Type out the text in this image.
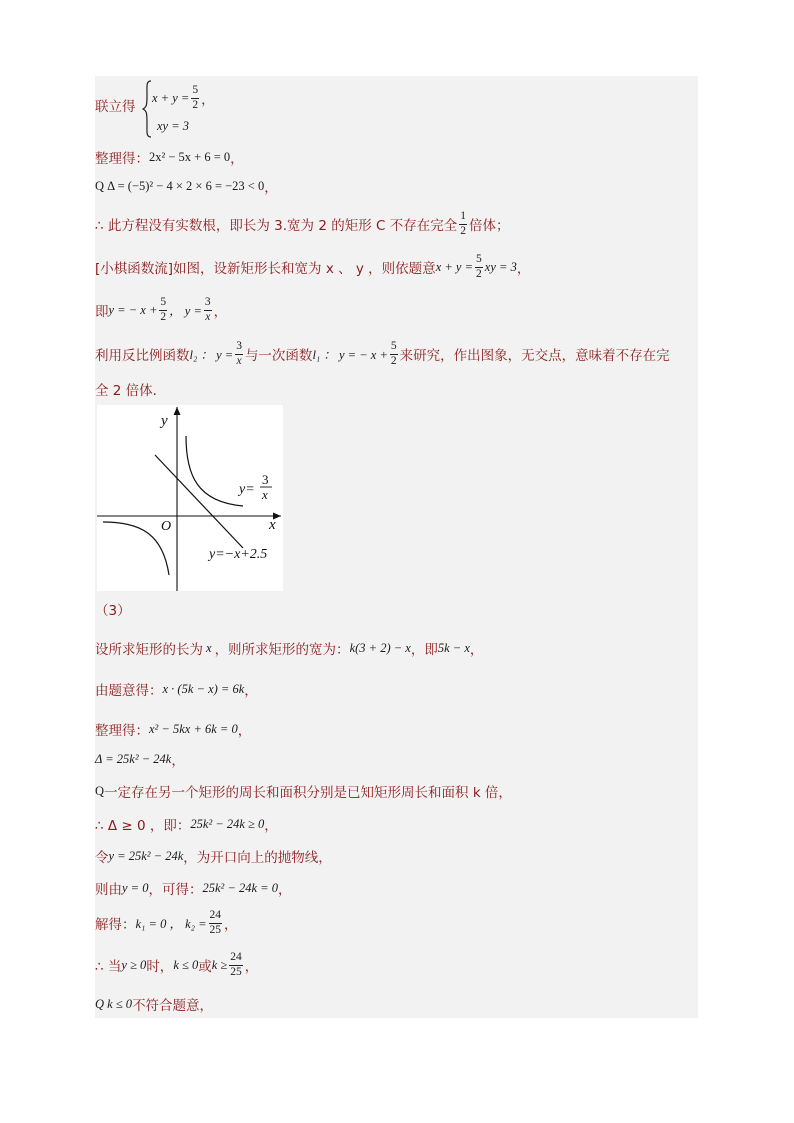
联立得
$x + y = \frac{5}{2}$ ，
xy = 3
整理得： 2x² − 5x + 6 = 0 ，
Q Δ = (−5)² − 4 × 2 × 6 = −23 < 0 ，
∴ 此方程没有实数根，即长为 3.宽为 2 的矩形 C 不存在完全 $\frac{1}{2}$ 倍体；
[小棋函数流]如图，设新矩形长和宽为 x 、 y ，则依题意 $x + y = \frac{5}{2}$ xy = 3 ，
即 y = − $x + \frac{5}{2}$ ， $y = \frac{3}{x}$ ，
利用反比例函数 l₂ ： $y = \frac{3}{x}$ 与一次函数 l₁ ： y = − $x + \frac{5}{2}$ 来研究，作出图象，无交点，意味着不存在完
全 2 倍体．
y
x
O
y=
3
x
y=−x+2.5
（3）
设所求矩形的长为 x ，则所求矩形的宽为： k(3 + 2) − x ，即 5k − x ，
由题意得： x · (5k − x) = 6k ，
整理得： x² − 5kx + 6k = 0 ，
Δ = 25k² − 24k ，
Q 一定存在另一个矩形的周长和面积分别是已知矩形周长和面积 k 倍，
∴ Δ ≥ 0 ，即： 25k² − 24k ≥ 0 ，
令 y = 25k² − 24k ，为开口向上的抛物线，
则由 y = 0 ，可得： 25k² − 24k = 0 ，
解得： k₁ = 0 ， $k_2 = \frac{24}{25}$ ，
∴ 当 y ≥ 0 时， k ≤ 0 或 $k \ge \frac{24}{25}$ ，
Q k ≤ 0 不符合题意，
